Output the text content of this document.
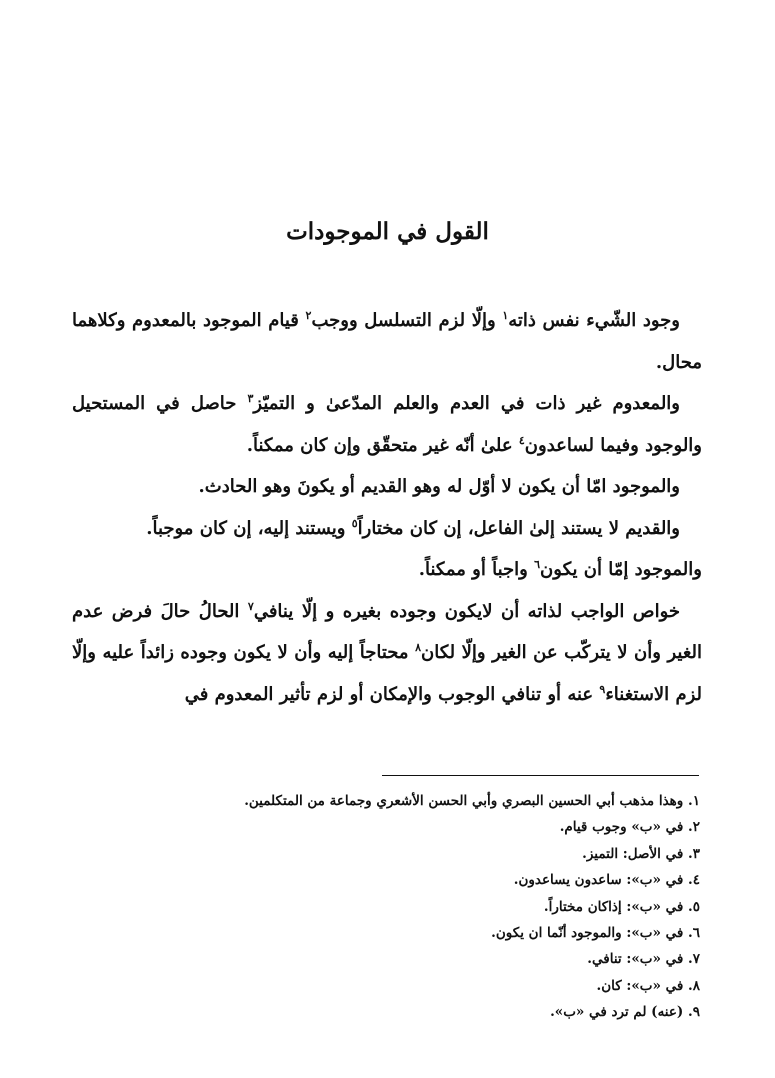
القول في الموجودات

وجود الشّيء نفس ذاته$^١$ وإلّا لزم التسلسل ووجب$^٢$ قيام الموجود بالمعدوم وكلاهما محال.

والمعدوم غير ذات في العدم والعلم المدّعىٰ و التميّز$^٣$ حاصل في المستحيل والوجود وفيما لساعدون$^٤$ علىٰ أنّه غير متحقّق وإن كان ممكناً.

والموجود امّا أن يكون لا أوّل له وهو القديم أو يكونَ وهو الحادث.

والقديم لا يستند إلىٰ الفاعل، إن كان مختاراً$^٥$ ويستند إليه، إن كان موجباً.

والموجود إمّا أن يكون$^٦$ واجباً أو ممكناً.

خواص الواجب لذاته أن لايكون وجوده بغيره و إلّا ينافي$^٧$ الحالُ حالَ فرض عدم الغير وأن لا يتركّب عن الغير وإلّا لكان$^٨$ محتاجاً إليه وأن لا يكون وجوده زائداً عليه وإلّا لزم الاستغناء$^٩$ عنه أو تنافي الوجوب والإمكان أو لزم تأثير المعدوم في

١. وهذا مذهب أبي الحسين البصري وأبي الحسن الأشعري وجماعة من المتكلمين.
٢. في «ب» وجوب قيام.
٣. في الأصل: التميز.
٤. في «ب»: ساعدون يساعدون.
٥. في «ب»: إذاكان مختاراً.
٦. في «ب»: والموجود أنّما ان يكون.
٧. في «ب»: تنافي.
٨. في «ب»: كان.
٩. (عنه) لم ترد في «ب».
